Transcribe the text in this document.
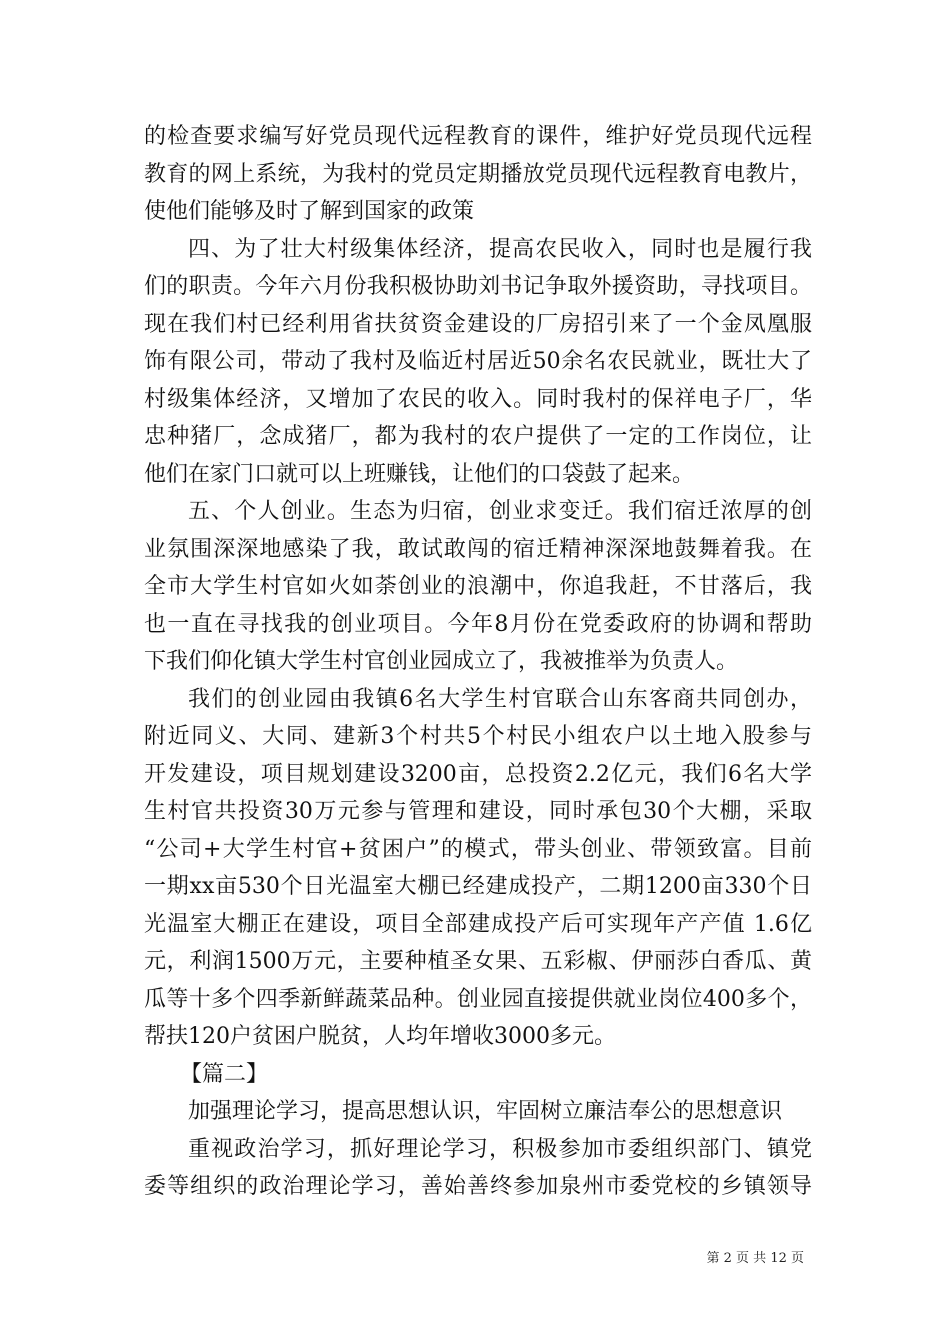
的检查要求编写好党员现代远程教育的课件，维护好党员现代远程
教育的网上系统，为我村的党员定期播放党员现代远程教育电教片，
使他们能够及时了解到国家的政策
四、为了壮大村级集体经济，提高农民收入，同时也是履行我
们的职责。今年六月份我积极协助刘书记争取外援资助，寻找项目。
现在我们村已经利用省扶贫资金建设的厂房招引来了一个金凤凰服
饰有限公司，带动了我村及临近村居近50余名农民就业，既壮大了
村级集体经济，又增加了农民的收入。同时我村的保祥电子厂，华
忠种猪厂，念成猪厂，都为我村的农户提供了一定的工作岗位，让
他们在家门口就可以上班赚钱，让他们的口袋鼓了起来。
五、个人创业。生态为归宿，创业求变迁。我们宿迁浓厚的创
业氛围深深地感染了我，敢试敢闯的宿迁精神深深地鼓舞着我。在
全市大学生村官如火如荼创业的浪潮中，你追我赶，不甘落后，我
也一直在寻找我的创业项目。今年8月份在党委政府的协调和帮助
下我们仰化镇大学生村官创业园成立了，我被推举为负责人。
我们的创业园由我镇6名大学生村官联合山东客商共同创办，
附近同义、大同、建新3个村共5个村民小组农户以土地入股参与
开发建设，项目规划建设3200亩，总投资2.2亿元，我们6名大学
生村官共投资30万元参与管理和建设，同时承包30个大棚，采取
“公司+大学生村官+贫困户”的模式，带头创业、带领致富。目前
一期xx亩530个日光温室大棚已经建成投产，二期1200亩330个日
光温室大棚正在建设，项目全部建成投产后可实现年产产值 1.6亿
元，利润1500万元，主要种植圣女果、五彩椒、伊丽莎白香瓜、黄
瓜等十多个四季新鲜蔬菜品种。创业园直接提供就业岗位400多个，
帮扶120户贫困户脱贫，人均年增收3000多元。
【篇二】
加强理论学习，提高思想认识，牢固树立廉洁奉公的思想意识
重视政治学习，抓好理论学习，积极参加市委组织部门、镇党
委等组织的政治理论学习，善始善终参加泉州市委党校的乡镇领导
第 2 页 共 12 页
